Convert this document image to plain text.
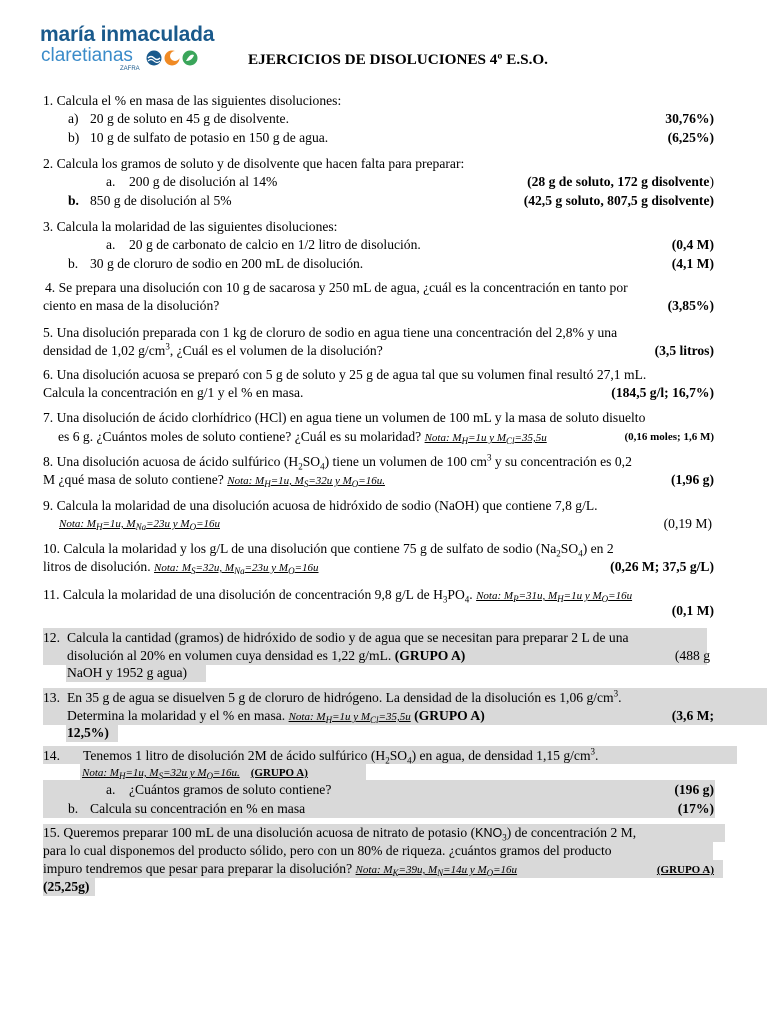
maría inmaculada
claretianas
ZAFRA
EJERCICIOS DE DISOLUCIONES 4º E.S.O.
1. Calcula el % en masa de las siguientes disoluciones:
a) 20 g de soluto en 45 g de disolvente.	30,76%)
b) 10 g de sulfato de potasio en 150 g de agua.	(6,25%)
2. Calcula los gramos de soluto y de disolvente que hacen falta para preparar:
a. 200 g de disolución al 14%	(28 g de soluto, 172 g disolvente)
b. 850 g de disolución al 5%	(42,5 g soluto, 807,5 g disolvente)
3. Calcula la molaridad de las siguientes disoluciones:
a. 20 g de carbonato de calcio en 1/2 litro de disolución.	(0,4 M)
b. 30 g de cloruro de sodio en 200 mL de disolución.	(4,1 M)
4. Se prepara una disolución con 10 g de sacarosa y 250 mL de agua, ¿cuál es la concentración en tanto por
ciento en masa de la disolución?	(3,85%)
5. Una disolución preparada con 1 kg de cloruro de sodio en agua tiene una concentración del 2,8% y una
densidad de 1,02 $g/cm^3$, ¿Cuál es el volumen de la disolución?	(3,5 litros)
6. Una disolución acuosa se preparó con 5 g de soluto y 25 g de agua tal que su volumen final resultó 27,1 mL.
Calcula la concentración en g/1 y el % en masa.	(184,5 g/l; 16,7%)
7. Una disolución de ácido clorhídrico (HCl) en agua tiene un volumen de 100 mL y la masa de soluto disuelto
es 6 g. ¿Cuántos moles de soluto contiene? ¿Cuál es su molaridad? Nota: $M_H=1u$ y $M_{Cl}=35,5u$	(0,16 moles; 1,6 M)
8. Una disolución acuosa de ácido sulfúrico $(H_2SO_4)$ tiene un volumen de 100 $cm^3$ y su concentración es 0,2
M ¿qué masa de soluto contiene? Nota: $M_H=1u$, $M_S=32u$ y $M_O=16u$.	(1,96 g)
9. Calcula la molaridad de una disolución acuosa de hidróxido de sodio (NaOH) que contiene 7,8 g/L.
Nota: $M_H=1u$, $M_{Na}=23u$ y $M_O=16u$	(0,19 M)
10. Calcula la molaridad y los g/L de una disolución que contiene 75 g de sulfato de sodio $(Na_2SO_4)$ en 2
litros de disolución. Nota: $M_S=32u$, $M_{Na}=23u$ y $M_O=16u$	(0,26 M; 37,5 g/L)
11. Calcula la molaridad de una disolución de concentración 9,8 g/L de $H_3PO_4$. Nota: $M_P=31u$, $M_H=1u$ y $M_O=16u$
(0,1 M)
12. Calcula la cantidad (gramos) de hidróxido de sodio y de agua que se necesitan para preparar 2 L de una
disolución al 20% en volumen cuya densidad es 1,22 g/mL. (GRUPO A)	(488 g
NaOH y 1952 g agua)
13. En 35 g de agua se disuelven 5 g de cloruro de hidrógeno. La densidad de la disolución es 1,06 $g/cm^3$.
Determina la molaridad y el % en masa. Nota: $M_H=1u$ y $M_{Cl}=35,5u$ (GRUPO A)	(3,6 M;
12,5%)
14. Tenemos 1 litro de disolución 2M de ácido sulfúrico $(H_2SO_4)$ en agua, de densidad 1,15 $g/cm^3$.
Nota: $M_H=1u$, $M_S=32u$ y $M_O=16u$. (GRUPO A)
a. ¿Cuántos gramos de soluto contiene?	(196 g)
b. Calcula su concentración en % en masa	(17%)
15. Queremos preparar 100 mL de una disolución acuosa de nitrato de potasio $(KNO_3)$ de concentración 2 M,
para lo cual disponemos del producto sólido, pero con un 80% de riqueza. ¿cuántos gramos del producto
impuro tendremos que pesar para preparar la disolución? Nota: $M_K=39u$, $M_N=14u$ y $M_O=16u$	(GRUPO A)
(25,25g)
